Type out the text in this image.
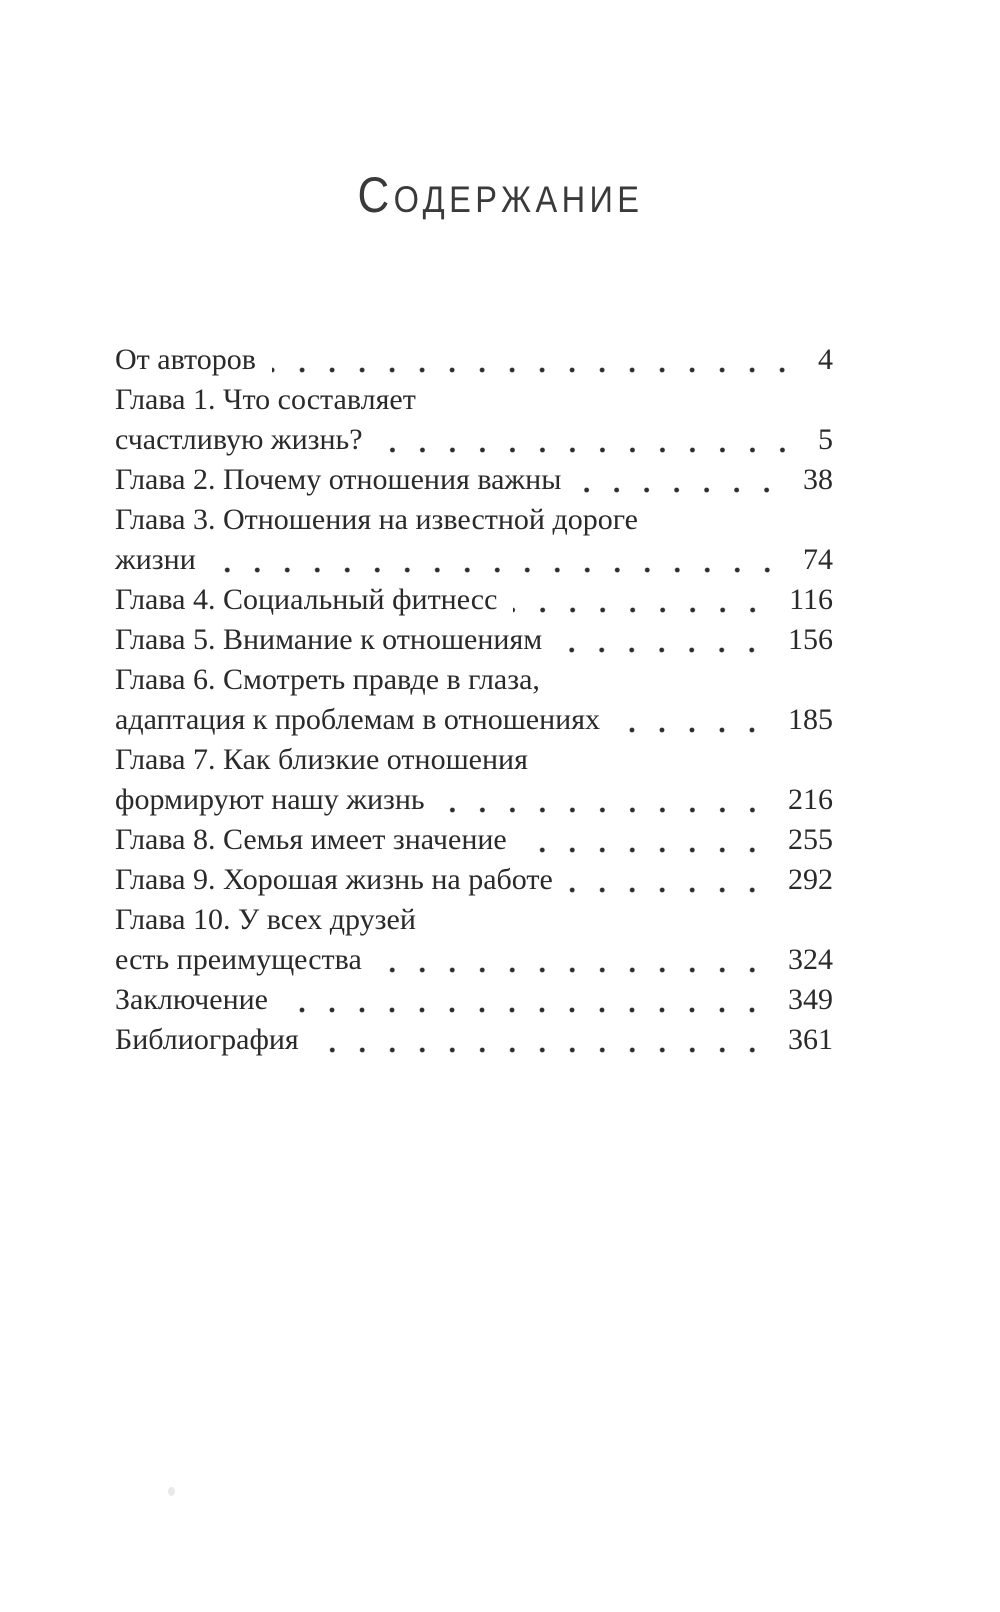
СОДЕРЖАНИЕ
От авторов	4
Глава 1. Что составляет
счастливую жизнь?	5
Глава 2. Почему отношения важны	38
Глава 3. Отношения на известной дороге
жизни	74
Глава 4. Социальный фитнесс	116
Глава 5. Внимание к отношениям	156
Глава 6. Смотреть правде в глаза,
адаптация к проблемам в отношениях	185
Глава 7. Как близкие отношения
формируют нашу жизнь	216
Глава 8. Семья имеет значение	255
Глава 9. Хорошая жизнь на работе	292
Глава 10. У всех друзей
есть преимущества	324
Заключение	349
Библиография	361
